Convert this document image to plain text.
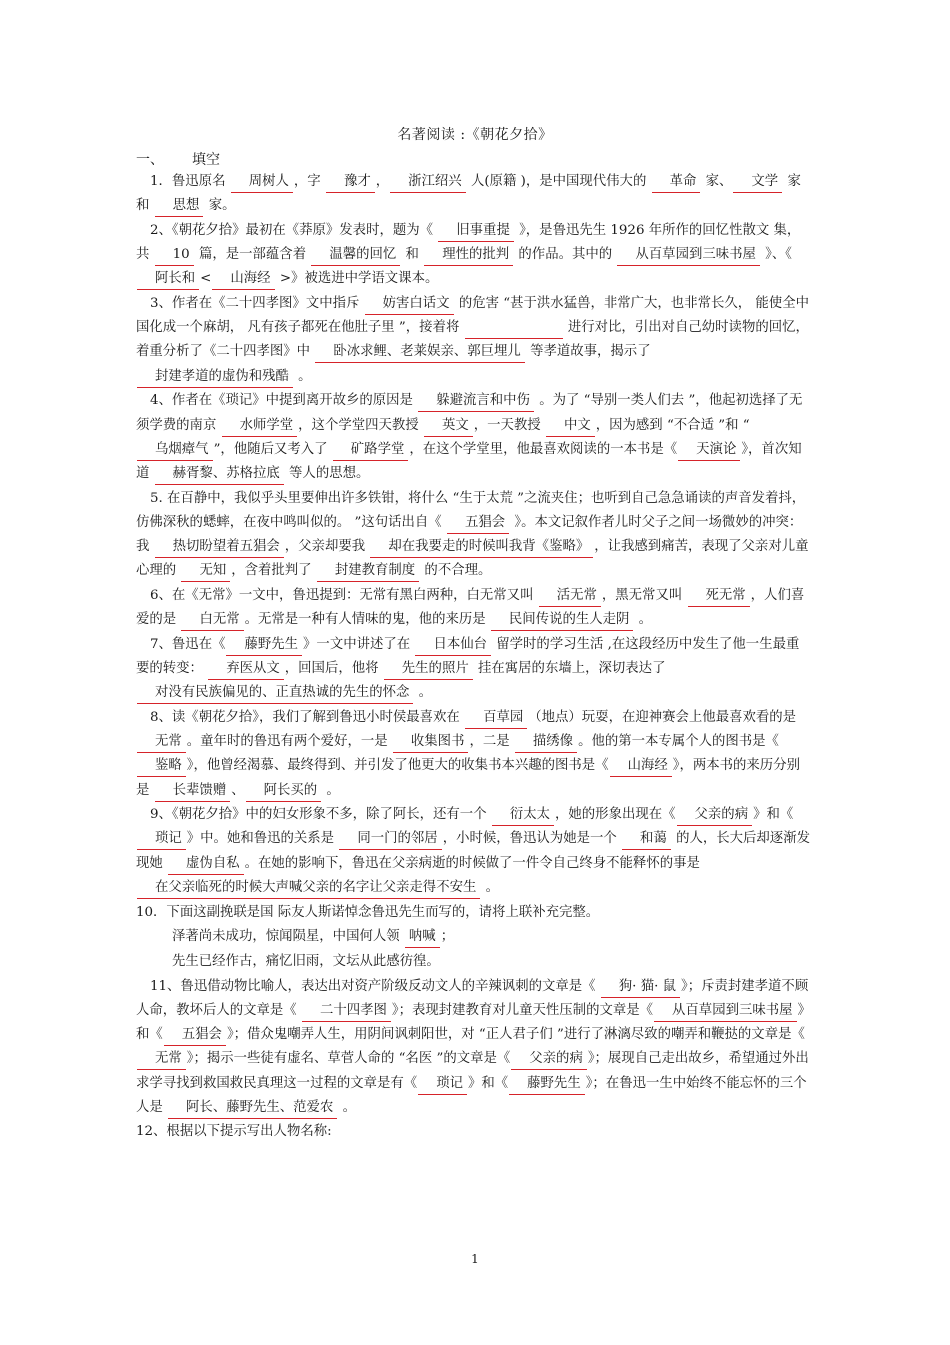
名著阅读 :《朝花夕拾》
一、 填空
1．鲁迅原名 周树人 ，字 豫才 ， 浙江绍兴 人(原籍 )，是中国现代伟大的 革命 家、 文学 家和 思想 家。
2、《朝花夕拾》最初在《莽原》发表时，题为《 旧事重提 》，是鲁迅先生 1926 年所作的回忆性散文 集， 共 10 篇，是一部蕴含着 温馨的回忆 和 理性的批判 的作品。其中的 从百草园到三味书屋 》、《阿长和 < 山海经 >》被选进中学语文课本。
3、作者在《二十四孝图》文中指斥 妨害白话文 的危害 “甚于洪水猛兽，非常广大，也非常长久， 能使全中国化成一个麻胡， 凡有孩子都死在他肚子里 ”，接着将	进行对比，引出对自己幼时读物的回忆，着重分析了《二十四孝图》中 卧冰求鲤、老莱娱亲、郭巨埋儿 等孝道故事，揭示了 封建孝道的虚伪和残酷 。
4、作者在《琐记》中提到离开故乡的原因是 躲避流言和中伤 。为了 “导别一类人们去 ”，他起初选择了无须学费的南京 水师学堂 ，这个学堂四天教授 英文 ，一天教授 中文 ，因为感到 “不合适 ”和 “乌烟瘴气 ”，他随后又考入了 矿路学堂 ，在这个学堂里，他最喜欢阅读的一本书是《 天演论 》，首次知道 赫胥黎、苏格拉底 等人的思想。
5. 在百静中，我似乎头里要伸出许多铁钳，将什么 “生于太荒 ”之流夹住；也听到自己急急诵读的声音发着抖，仿佛深秋的蟋蟀，在夜中鸣叫似的。 ”这句话出自《 五猖会 》。本文记叙作者儿时父子之间一场微妙的冲突： 我 热切盼望着五猖会 ，父亲却要我 却在我要走的时候叫我背《鉴略》 ，让我感到痛苦，表现了父亲对儿童心理的 无知 ，含着批判了 封建教育制度 的不合理。
6、在《无常》一文中，鲁迅提到：无常有黑白两种，白无常又叫 活无常 ，黑无常又叫 死无常 ，人们喜爱的是 白无常 。无常是一种有人情味的鬼，他的来历是 民间传说的生人走阴 。
7、鲁迅在《 藤野先生 》一文中讲述了在 日本仙台 留学时的学习生活 ,在这段经历中发生了他一生最重要的转变： 弃医从文 ，回国后，他将 先生的照片 挂在寓居的东墙上，深切表达了 对没有民族偏见的、正直热诚的先生的怀念 。
8、读《朝花夕拾》，我们了解到鲁迅小时侯最喜欢在 百草园 （地点）玩耍，在迎神赛会上他最喜欢看的是 无常 。童年时的鲁迅有两个爱好，一是 收集图书 ，二是 描绣像 。他的第一本专属个人的图书是《鉴略 》，他曾经渴慕、最终得到、并引发了他更大的收集书本兴趣的图书是《 山海经 》，两本书的来历分别是 长辈馈赠 、 阿长买的 。
9、《朝花夕拾》中的妇女形象不多，除了阿长，还有一个 衍太太 ，她的形象出现在《 父亲的病 》和《琐记 》中。她和鲁迅的关系是 同一门的邻居 ，小时候，鲁迅认为她是一个 和蔼 的人，长大后却逐渐发现她 虚伪自私 。在她的影响下，鲁迅在父亲病逝的时候做了一件令自己终身不能释怀的事是 在父亲临死的时候大声喊父亲的名字让父亲走得不安生 。
10．下面这副挽联是国 际友人斯诺悼念鲁迅先生而写的，请将上联补充完整。
泽著尚未成功，惊闻陨星，中国何人领 呐喊 ；
先生已经作古，痛忆旧雨，文坛从此感彷徨。
11、鲁迅借动物比喻人，表达出对资产阶级反动文人的辛辣讽刺的文章是《 狗· 猫· 鼠 》；斥责封建孝道不顾人命，教坏后人的文章是《 二十四孝图 》；表现封建教育对儿童天性压制的文章是《 从百草园到三味书屋 》和《 五猖会 》；借众鬼嘲弄人生，用阴间讽刺阳世，对 “正人君子们 ”进行了淋漓尽致的嘲弄和鞭挞的文章是《 无常 》；揭示一些徒有虚名、草菅人命的 “名医 ”的文章是《 父亲的病 》；展现自己走出故乡，希望通过外出求学寻找到救国救民真理这一过程的文章是有《 琐记 》和《 藤野先生 》；在鲁迅一生中始终不能忘怀的三个人是 阿长、藤野先生、范爱农 。
12、根据以下提示写出人物名称:
1
